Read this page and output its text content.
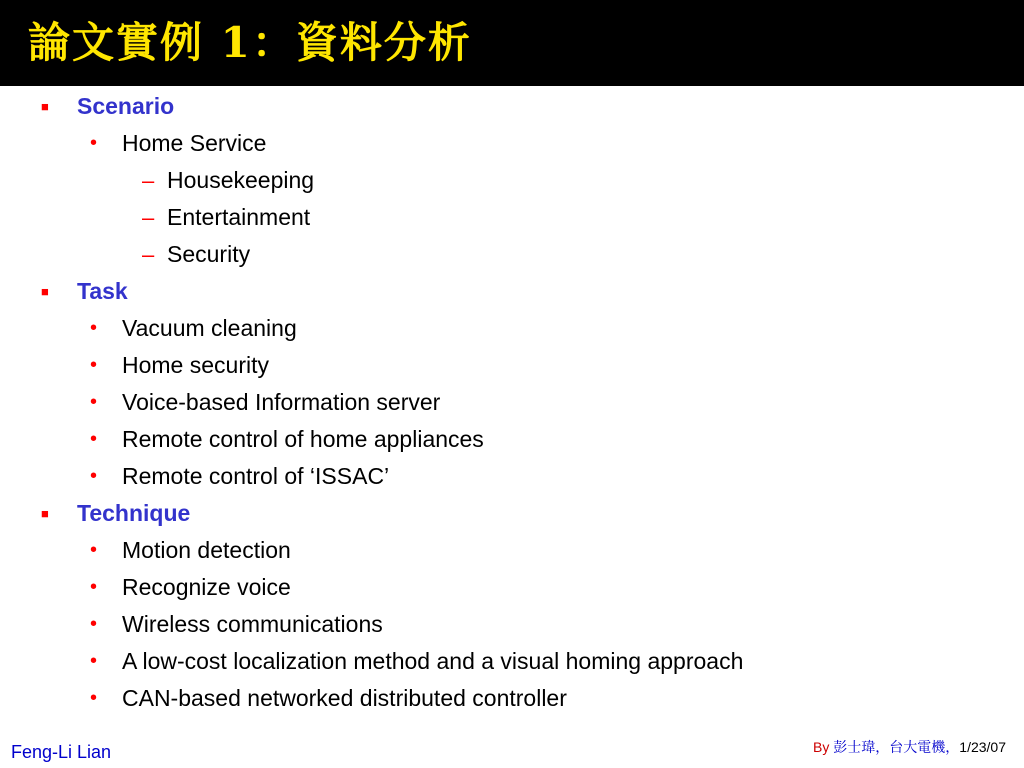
論文實例 1：資料分析
■ Scenario
• Home Service
– Housekeeping
– Entertainment
– Security
■ Task
• Vacuum cleaning
• Home security
• Voice-based Information server
• Remote control of home appliances
• Remote control of ‘ISSAC’
■ Technique
• Motion detection
• Recognize voice
• Wireless communications
• A low-cost localization method and a visual homing approach
• CAN-based networked distributed controller
Feng-Li Lian	By 彭士瑋，台大電機，1/23/07
